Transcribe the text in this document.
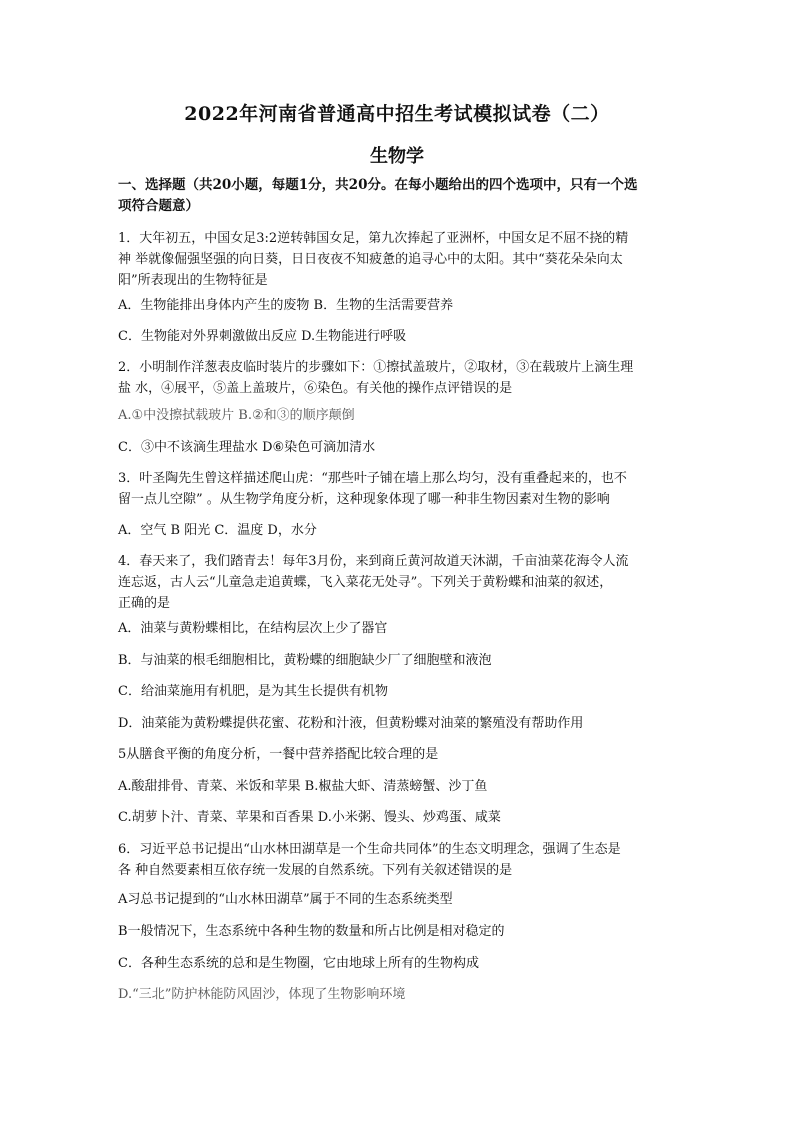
2022年河南省普通高中招生考试模拟试卷（二）
生物学
一、选择题（共20小题，每题1分，共20分。在每小题给出的四个选项中，只有一个选
项符合题意）
1．大年初五，中国女足3:2逆转韩国女足，第九次捧起了亚洲杯，中国女足不屈不挠的精
神 举就像倔强坚强的向日葵，日日夜夜不知疲惫的追寻心中的太阳。其中“葵花朵朵向太
阳”所表现出的生物特征是
A．生物能排出身体内产生的废物 B．生物的生活需要营养
C．生物能对外界刺激做出反应 D.生物能进行呼吸
2．小明制作洋葱表皮临时装片的步骤如下：①擦拭盖玻片，②取材，③在载玻片上滴生理
盐 水，④展平，⑤盖上盖玻片，⑥染色。有关他的操作点评错误的是
A.①中没擦拭载玻片 B.②和③的顺序颠倒
C．③中不该滴生理盐水 D⑥染色可滴加清水
3．叶圣陶先生曾这样描述爬山虎：“那些叶子铺在墙上那么均匀，没有重叠起来的，也不
留一点儿空隙” 。从生物学角度分析，这种现象体现了哪一种非生物因素对生物的影响
A．空气 B 阳光 C．温度 D，水分
4．春天来了，我们踏青去！每年3月份，来到商丘黄河故道天沐湖，千亩油菜花海令人流
连忘返，古人云“儿童急走追黄蝶，飞入菜花无处寻”。下列关于黄粉蝶和油菜的叙述，
正确的是
A．油菜与黄粉蝶相比，在结构层次上少了器官
B．与油菜的根毛细胞相比，黄粉蝶的细胞缺少厂了细胞壁和液泡
C．给油菜施用有机肥，是为其生长提供有机物
D．油菜能为黄粉蝶提供花蜜、花粉和汁液，但黄粉蝶对油菜的繁殖没有帮助作用
5从膳食平衡的角度分析，一餐中营养搭配比较合理的是
A.酸甜排骨、青菜、米饭和苹果 B.椒盐大虾、清蒸螃蟹、沙丁鱼
C.胡萝卜汁、青菜、苹果和百香果 D.小米粥、馒头、炒鸡蛋、咸菜
6．习近平总书记提出“山水林田湖草是一个生命共同体”的生态文明理念，强调了生态是
各 种自然要素相互依存统一发展的自然系统。下列有关叙述错误的是
A习总书记提到的“山水林田湖草”属于不同的生态系统类型
B一般情况下，生态系统中各种生物的数量和所占比例是相对稳定的
C．各种生态系统的总和是生物圈，它由地球上所有的生物构成
D.“三北”防护林能防风固沙，体现了生物影响环境
